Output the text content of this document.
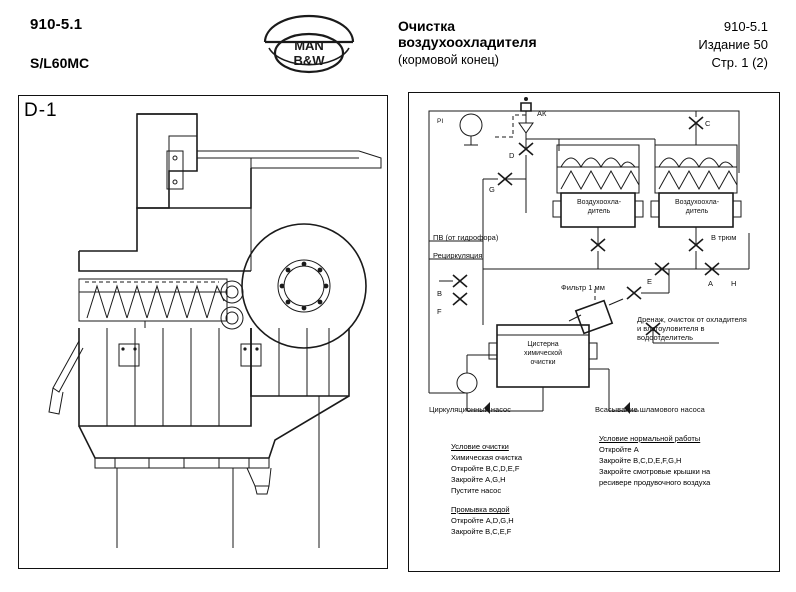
910-5.1
S/L60MC
MAN
B&W
Очистка
воздухоохладителя
(кормовой конец)
910-5.1
Издание 50
Стр. 1 (2)
D-1	АК
D
G
C
PI
Воздухоохла-
дитель
Воздухоохла-
дитель
ПВ (от гидрофора)
Рециркуляция
Фильтр 1 мм
В трюм
E	A H
B
F
Цистерна
химической
очистки
Дренаж, очисток от охладителя
и влагоуловителя в
водоотделитель
Циркуляционный насос	Всасывание шламового насоса
Условие очистки
Химическая очистка
Откройте B,C,D,E,F
Закройте A,G,H
Пустите насос
Промывка водой
Откройте A,D,G,H
Закройте B,C,E,F
Условие нормальной работы
Откройте A
Закройте B,C,D,E,F,G,H
Закройте смотровые крышки на
ресивере продувочного воздуха
